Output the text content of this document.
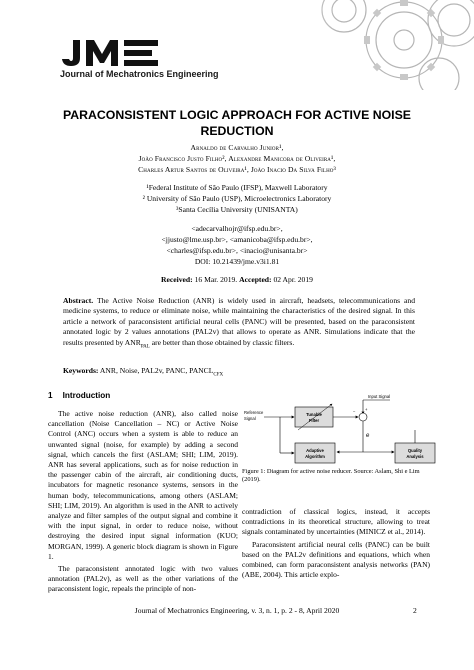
Journal of Mechatronics Engineering
PARACONSISTENT LOGIC APPROACH FOR ACTIVE NOISE
REDUCTION
Arnaldo de Carvalho Junior¹,
João Francisco Justo Filho², Alexandre Manicoba de Oliveira¹,
Charles Artur Santos de Oliveira¹, João Inacio Da Silva Filho³
¹Federal Institute of São Paulo (IFSP), Maxwell Laboratory
² University of São Paulo (USP), Microelectronics Laboratory
³Santa Cecília University (UNISANTA)
<adecarvalhojr@ifsp.edu.br>,
<jjusto@lme.usp.br>, <amanicoba@ifsp.edu.br>,
<charles@ifsp.edu.br>, <inacio@unisanta.br>
DOI: 10.21439/jme.v3i1.81
Received: 16 Mar. 2019. Accepted: 02 Apr. 2019
Abstract. The Active Noise Reduction (ANR) is widely used in aircraft, headsets, telecommunications and medicine systems, to reduce or eliminate noise, while maintaining the characteristics of the desired signal. In this article a network of paraconsistent artificial neural cells (PANC) will be presented, based on the paraconsistent annotated logic by 2 values annotations (PAL2v) that allows to operate as ANR. Simulations indicate that the results presented by $ANR_{PAL}$ are better than those obtained by classic filters.
Keywords: ANR, Noise, PAL2v, PANC, $PANCL_{CFX}$
1 Introduction

The active noise reduction (ANR), also called noise cancellation (Noise Cancellation – NC) or Active Noise Control (ANC) occurs when a system is able to reduce an unwanted signal (noise, for example) by adding a second signal, which cancels the first (ASLAM; SHI; LIM, 2019). ANR has several applications, such as for noise reduction in the passenger cabin of the aircraft, air conditioning ducts, incubators for magnetic resonance systems, sensors in the human body, telecommunications, among others (ASLAM; SHI; LIM, 2019). An algorithm is used in the ANR to actively analyze and filter samples of the output signal and combine it with the input signal, in order to reduce noise, without destroying the desired input signal information (KUO; MORGAN, 1999). A generic block diagram is shown in Figure 1.

The paraconsistent annotated logic with two values annotation (PAL2v), as well as the other variations of the paraconsistent logic, repeals the principle of non-

Input Signal
Reference
Signal
Tunable
Filter
− +
e
Adaptive
Algorithm
Quality
Analysis
Figure 1: Diagram for active noise reducer. Source: Aslam, Shi e Lim (2019).

contradiction of classical logics, instead, it accepts contradictions in its theoretical structure, allowing to treat signals contaminated by uncertainties (MINICZ et al., 2014).

Paraconsistent artificial neural cells (PANC) can be built based on the PAL2v definitions and equations, which when combined, can form paraconsistent analysis networks (PAN) (ABE, 2004). This article explo-

Journal of Mechatronics Engineering, v. 3, n. 1, p. 2 - 8, April 2020	2
